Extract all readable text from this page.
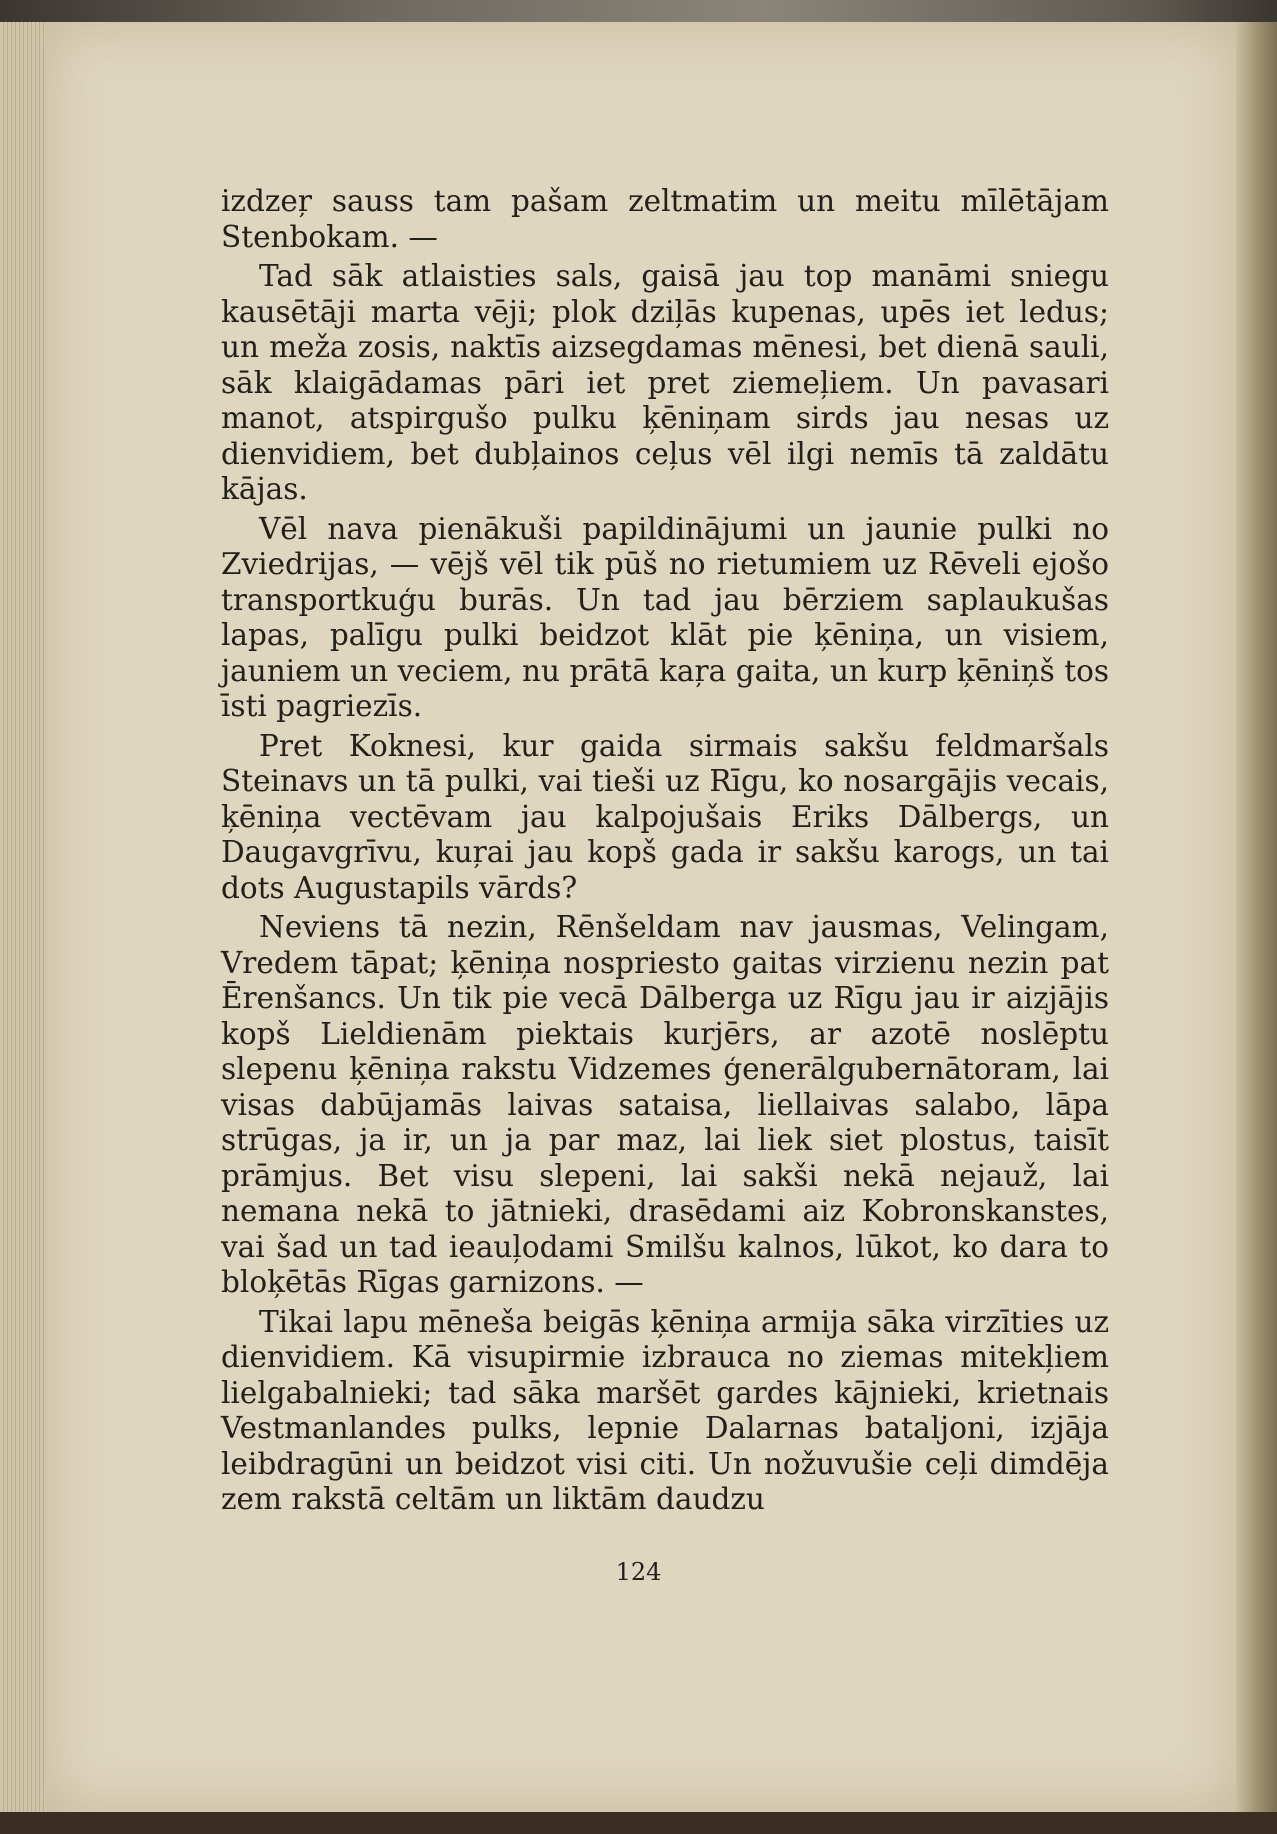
izdzeŗ sauss tam pašam zeltmatim un meitu mīlētājam Stenbokam. —

Tad sāk atlaisties sals, gaisā jau top manāmi sniegu kausētāji marta vēji; plok dziļās kupenas, upēs iet ledus; un meža zosis, naktīs aizsegdamas mēnesi, bet dienā sauli, sāk klaigādamas pāri iet pret ziemeļiem. Un pavasari manot, atspirgušo pulku ķēniņam sirds jau nesas uz dienvidiem, bet dubļainos ceļus vēl ilgi nemīs tā zaldātu kājas.

Vēl nava pienākuši papildinājumi un jaunie pulki no Zviedrijas, — vējš vēl tik pūš no rietumiem uz Rēveli ejošo transportkuģu burās. Un tad jau bērziem saplaukušas lapas, palīgu pulki beidzot klāt pie ķēniņa, un visiem, jauniem un veciem, nu prātā kaŗa gaita, un kurp ķēniņš tos īsti pagriezīs.

Pret Koknesi, kur gaida sirmais sakšu feldmaršals Steinavs un tā pulki, vai tieši uz Rīgu, ko nosargājis vecais, ķēniņa vectēvam jau kalpojušais Eriks Dālbergs, un Daugavgrīvu, kuŗai jau kopš gada ir sakšu karogs, un tai dots Augustapils vārds?

Neviens tā nezin, Rēnšeldam nav jausmas, Velingam, Vredem tāpat; ķēniņa nospriesto gaitas virzienu nezin pat Ērenšancs. Un tik pie vecā Dālberga uz Rīgu jau ir aizjājis kopš Lieldienām piektais kurjērs, ar azotē noslēptu slepenu ķēniņa rakstu Vidzemes ģenerālgubernātoram, lai visas dabūjamās laivas sataisa, liellaivas salabo, lāpa strūgas, ja ir, un ja par maz, lai liek siet plostus, taisīt prāmjus. Bet visu slepeni, lai sakši nekā nejauž, lai nemana nekā to jātnieki, drasēdami aiz Kobronskanstes, vai šad un tad ieauļodami Smilšu kalnos, lūkot, ko dara to bloķētās Rīgas garnizons. —

Tikai lapu mēneša beigās ķēniņa armija sāka virzīties uz dienvidiem. Kā visupirmie izbrauca no ziemas mitekļiem lielgabalnieki; tad sāka maršēt gardes kājnieki, krietnais Vestmanlandes pulks, lepnie Dalarnas bataljoni, izjāja leibdragūni un beidzot visi citi. Un nožuvušie ceļi dimdēja zem rakstā celtām un liktām daudzu

124
